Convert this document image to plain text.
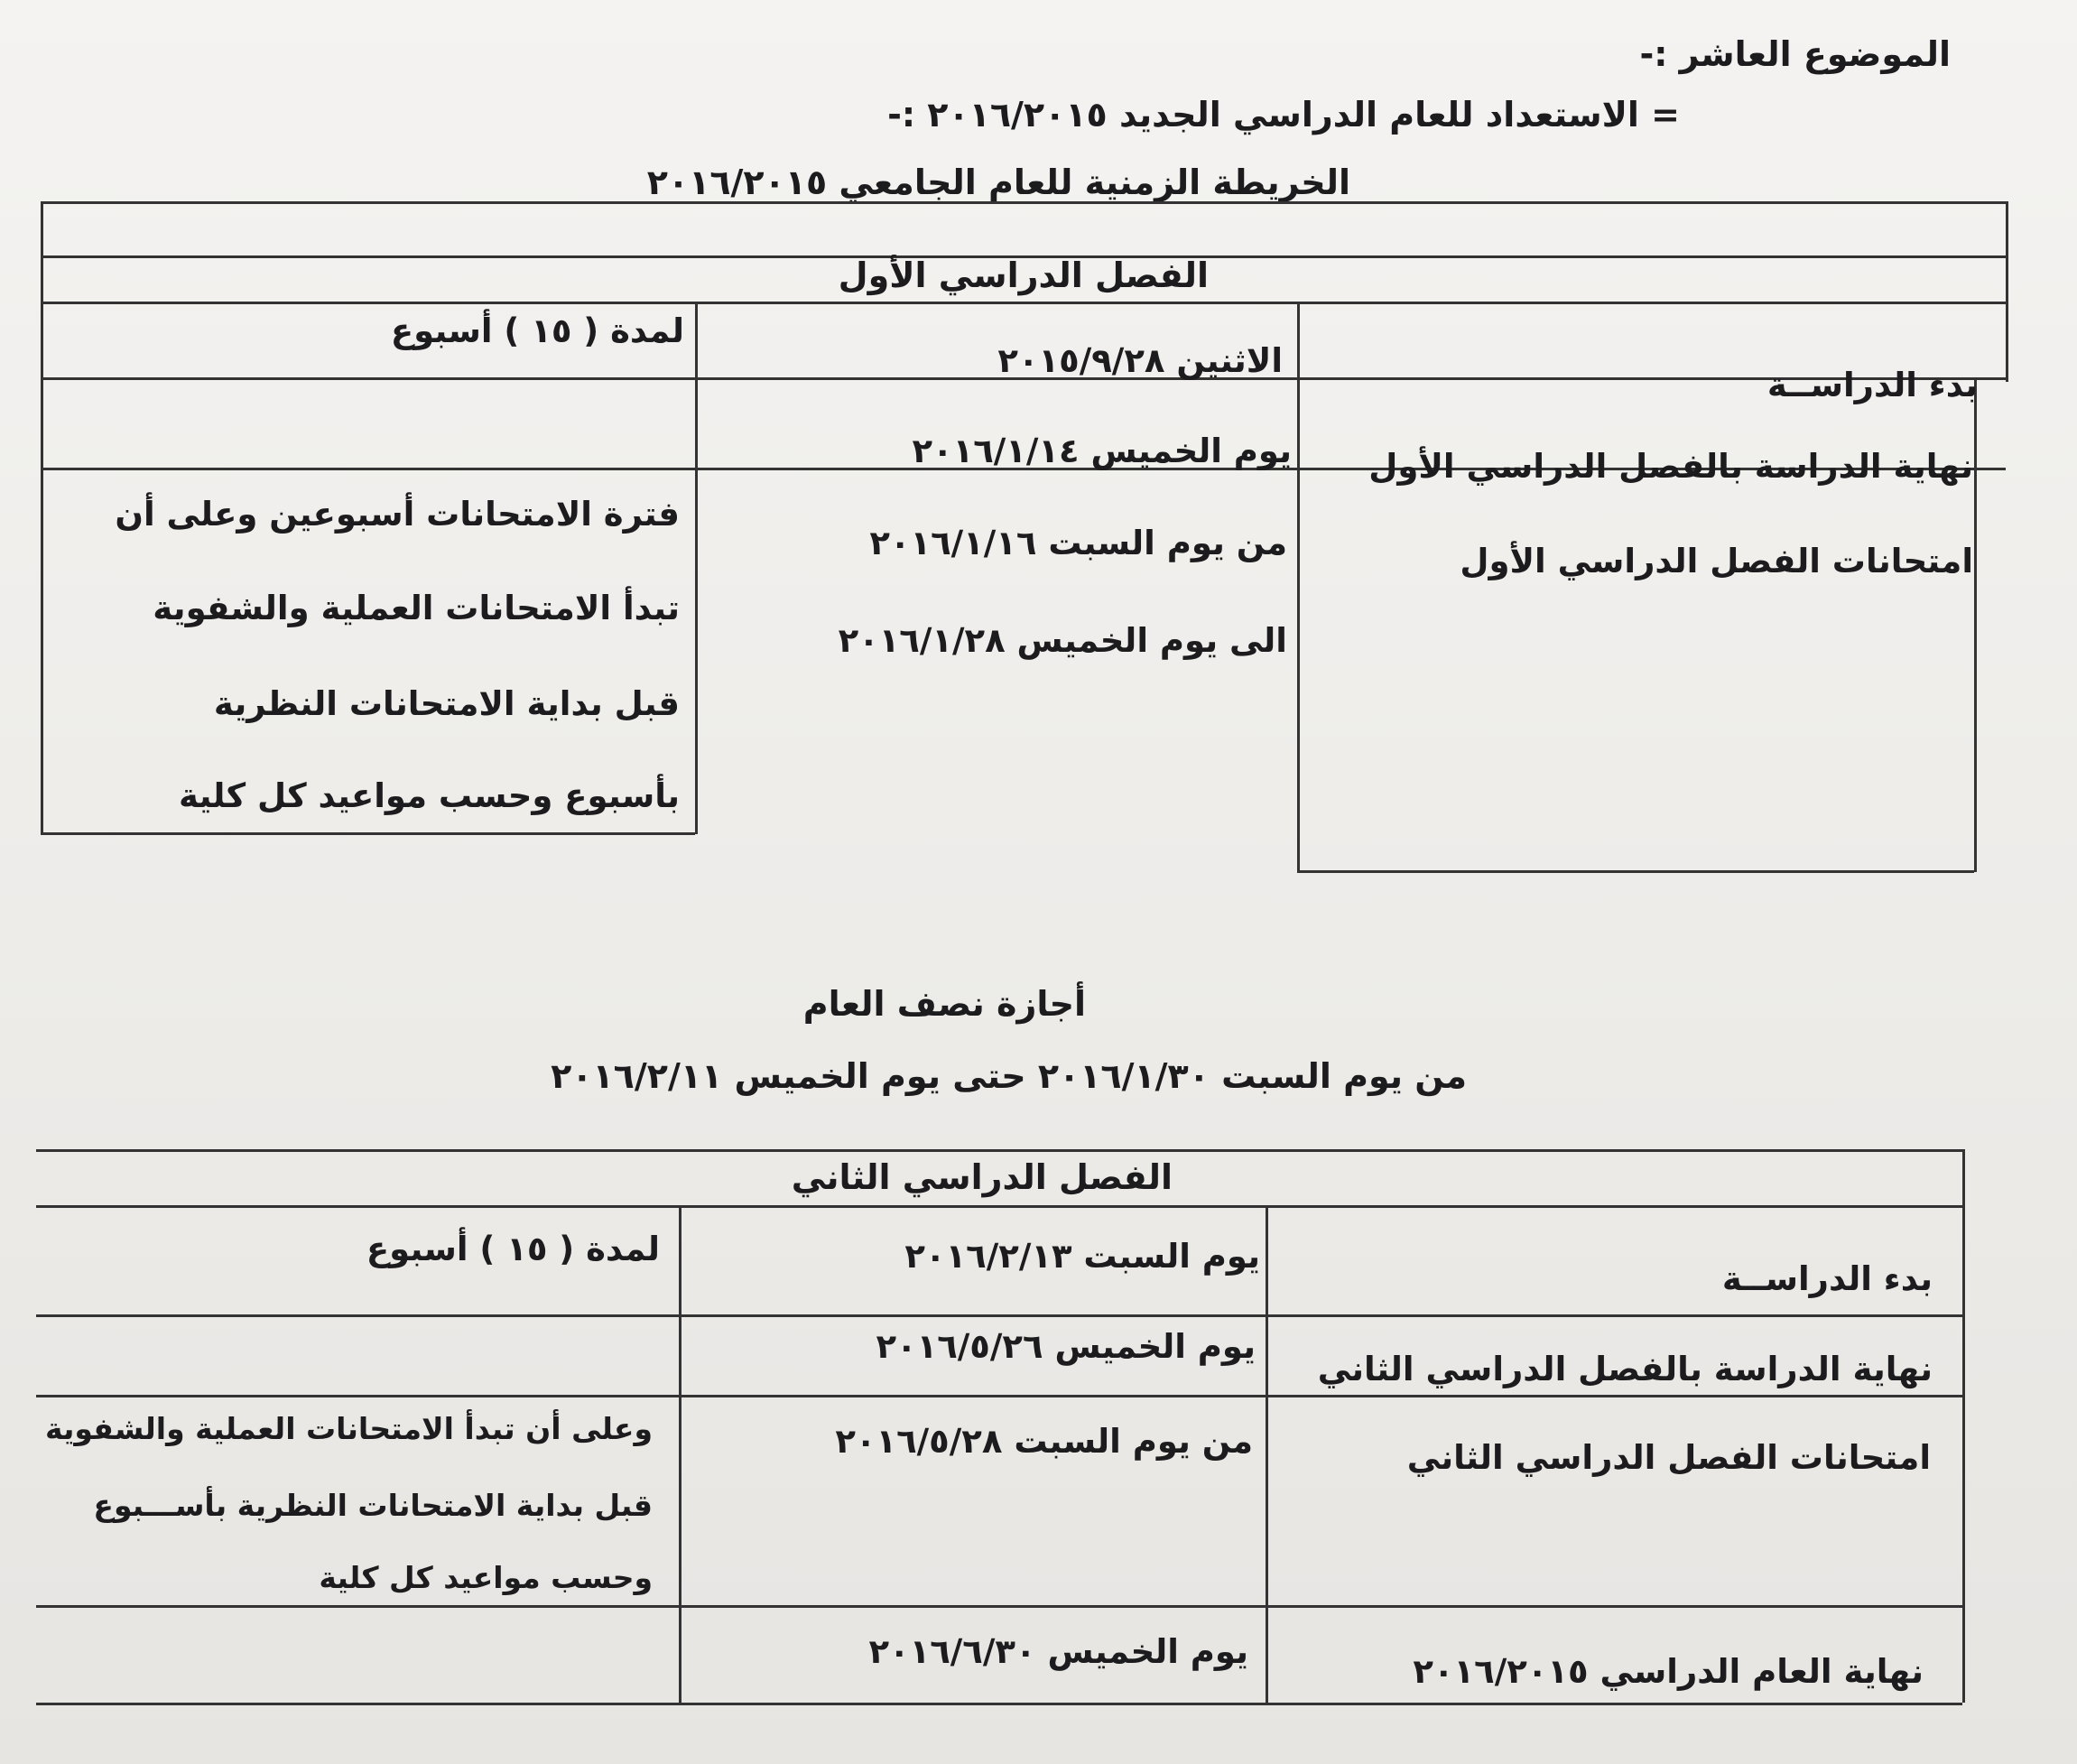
الموضوع العاشر :-
= الاستعداد للعام الدراسي الجديد ٢٠١٦/٢٠١٥ :-
الخريطة الزمنية للعام الجامعي ٢٠١٦/٢٠١٥
الفصل الدراسي الأول
بدء الدراســة
الاثنين ٢٠١٥/٩/٢٨
لمدة ( ١٥ ) أسبوع
نهاية الدراسة بالفصل الدراسي الأول
يوم الخميس ٢٠١٦/١/١٤
امتحانات الفصل الدراسي الأول
من يوم السبت ٢٠١٦/١/١٦
الى يوم الخميس ٢٠١٦/١/٢٨
فترة الامتحانات أسبوعين وعلى أن
تبدأ الامتحانات العملية والشفوية
قبل بداية الامتحانات النظرية
بأسبوع وحسب مواعيد كل كلية
أجازة نصف العام
من يوم السبت ٢٠١٦/١/٣٠ حتى يوم الخميس ٢٠١٦/٢/١١
الفصل الدراسي الثاني
بدء الدراســة
يوم السبت ٢٠١٦/٢/١٣
لمدة ( ١٥ ) أسبوع
نهاية الدراسة بالفصل الدراسي الثاني
يوم الخميس ٢٠١٦/٥/٢٦
امتحانات الفصل الدراسي الثاني
من يوم السبت ٢٠١٦/٥/٢٨
وعلى أن تبدأ الامتحانات العملية والشفوية
قبل بداية الامتحانات النظرية بأســـبوع
وحسب مواعيد كل كلية
نهاية العام الدراسي ٢٠١٦/٢٠١٥
يوم الخميس ٢٠١٦/٦/٣٠
